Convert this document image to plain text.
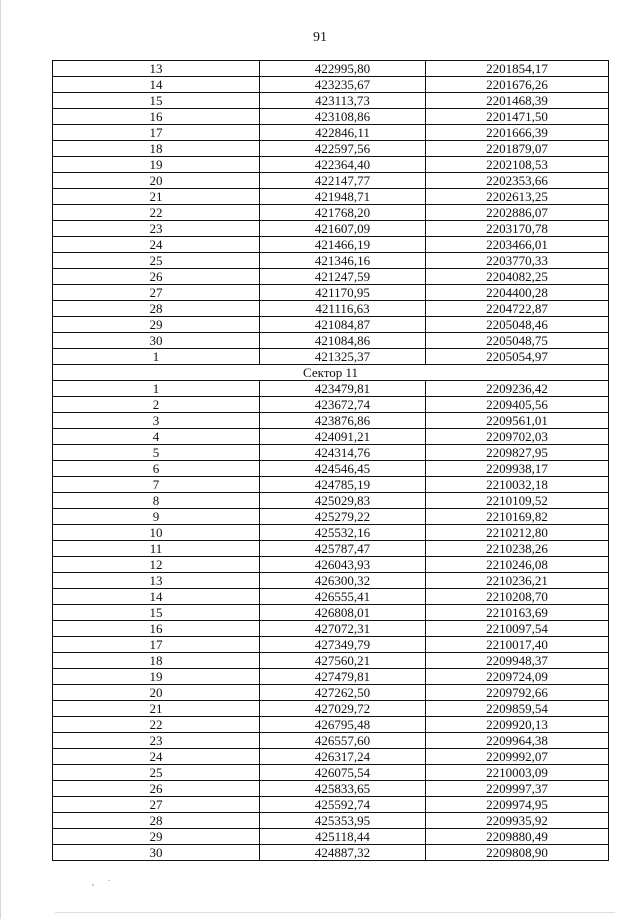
91
13	422995,80	2201854,17
14	423235,67	2201676,26
15	423113,73	2201468,39
16	423108,86	2201471,50
17	422846,11	2201666,39
18	422597,56	2201879,07
19	422364,40	2202108,53
20	422147,77	2202353,66
21	421948,71	2202613,25
22	421768,20	2202886,07
23	421607,09	2203170,78
24	421466,19	2203466,01
25	421346,16	2203770,33
26	421247,59	2204082,25
27	421170,95	2204400,28
28	421116,63	2204722,87
29	421084,87	2205048,46
30	421084,86	2205048,75
1	421325,37	2205054,97
Сектор 11		
1	423479,81	2209236,42
2	423672,74	2209405,56
3	423876,86	2209561,01
4	424091,21	2209702,03
5	424314,76	2209827,95
6	424546,45	2209938,17
7	424785,19	2210032,18
8	425029,83	2210109,52
9	425279,22	2210169,82
10	425532,16	2210212,80
11	425787,47	2210238,26
12	426043,93	2210246,08
13	426300,32	2210236,21
14	426555,41	2210208,70
15	426808,01	2210163,69
16	427072,31	2210097,54
17	427349,79	2210017,40
18	427560,21	2209948,37
19	427479,81	2209724,09
20	427262,50	2209792,66
21	427029,72	2209859,54
22	426795,48	2209920,13
23	426557,60	2209964,38
24	426317,24	2209992,07
25	426075,54	2210003,09
26	425833,65	2209997,37
27	425592,74	2209974,95
28	425353,95	2209935,92
29	425118,44	2209880,49
30	424887,32	2209808,90
, .
